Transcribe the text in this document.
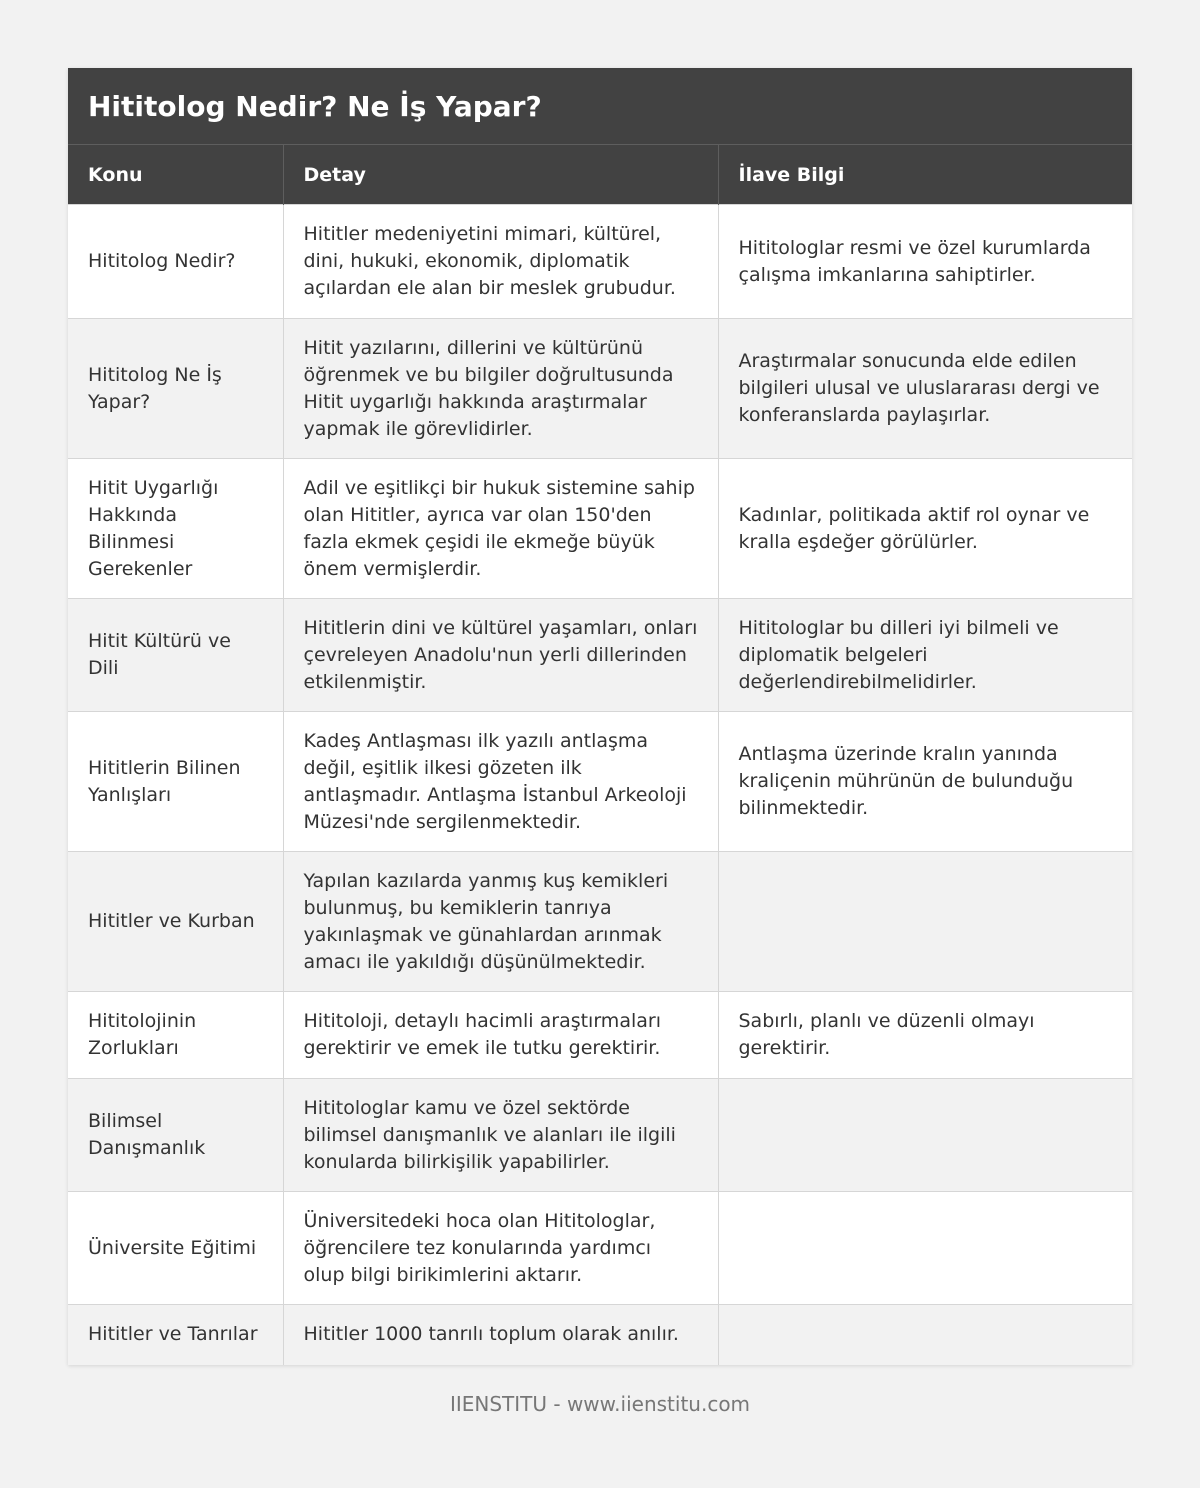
Hititolog Nedir? Ne İş Yapar?
Konu	Detay	İlave Bilgi
Hititolog Nedir?	Hititler medeniyetini mimari, kültürel, dini, hukuki, ekonomik, diplomatik açılardan ele alan bir meslek grubudur.	Hititologlar resmi ve özel kurumlarda çalışma imkanlarına sahiptirler.
Hititolog Ne İş Yapar?	Hitit yazılarını, dillerini ve kültürünü öğrenmek ve bu bilgiler doğrultusunda Hitit uygarlığı hakkında araştırmalar yapmak ile görevlidirler.	Araştırmalar sonucunda elde edilen bilgileri ulusal ve uluslararası dergi ve konferanslarda paylaşırlar.
Hitit Uygarlığı Hakkında Bilinmesi Gerekenler	Adil ve eşitlikçi bir hukuk sistemine sahip olan Hititler, ayrıca var olan 150'den fazla ekmek çeşidi ile ekmeğe büyük önem vermişlerdir.	Kadınlar, politikada aktif rol oynar ve kralla eşdeğer görülürler.
Hitit Kültürü ve Dili	Hititlerin dini ve kültürel yaşamları, onları çevreleyen Anadolu'nun yerli dillerinden etkilenmiştir.	Hititologlar bu dilleri iyi bilmeli ve diplomatik belgeleri değerlendirebilmelidirler.
Hititlerin Bilinen Yanlışları	Kadeş Antlaşması ilk yazılı antlaşma değil, eşitlik ilkesi gözeten ilk antlaşmadır. Antlaşma İstanbul Arkeoloji Müzesi'nde sergilenmektedir.	Antlaşma üzerinde kralın yanında kraliçenin mührünün de bulunduğu bilinmektedir.
Hititler ve Kurban	Yapılan kazılarda yanmış kuş kemikleri bulunmuş, bu kemiklerin tanrıya yakınlaşmak ve günahlardan arınmak amacı ile yakıldığı düşünülmektedir.	
Hititolojinin Zorlukları	Hititoloji, detaylı hacimli araştırmaları gerektirir ve emek ile tutku gerektirir.	Sabırlı, planlı ve düzenli olmayı gerektirir.
Bilimsel Danışmanlık	Hititologlar kamu ve özel sektörde bilimsel danışmanlık ve alanları ile ilgili konularda bilirkişilik yapabilirler.	
Üniversite Eğitimi	Üniversitedeki hoca olan Hititologlar, öğrencilere tez konularında yardımcı olup bilgi birikimlerini aktarır.	
Hititler ve Tanrılar	Hititler 1000 tanrılı toplum olarak anılır.	
IIENSTITU - www.iienstitu.com
